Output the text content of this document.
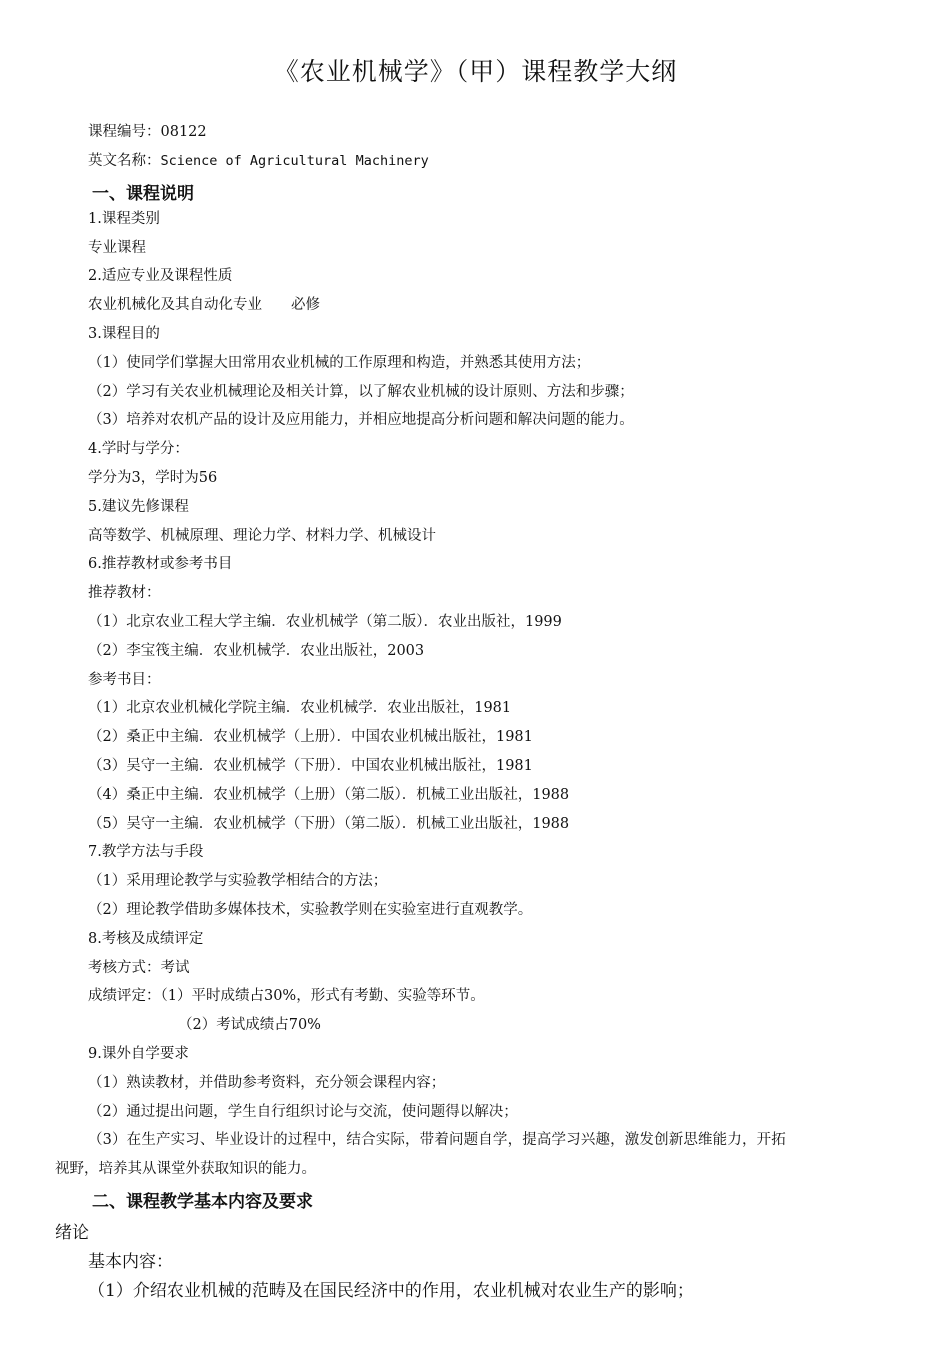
《农业机械学》（甲）课程教学大纲
课程编号：08122
英文名称：Science of Agricultural Machinery
一、课程说明
1.课程类别
专业课程
2.适应专业及课程性质
农业机械化及其自动化专业　　必修
3.课程目的
（1）使同学们掌握大田常用农业机械的工作原理和构造，并熟悉其使用方法；
（2）学习有关农业机械理论及相关计算，以了解农业机械的设计原则、方法和步骤；
（3）培养对农机产品的设计及应用能力，并相应地提高分析问题和解决问题的能力。
4.学时与学分：
学分为3，学时为56
5.建议先修课程
高等数学、机械原理、理论力学、材料力学、机械设计
6.推荐教材或参考书目
推荐教材：
（1）北京农业工程大学主编．农业机械学（第二版）．农业出版社，1999
（2）李宝筏主编．农业机械学．农业出版社，2003
参考书目：
（1）北京农业机械化学院主编．农业机械学．农业出版社，1981
（2）桑正中主编．农业机械学（上册）．中国农业机械出版社，1981
（3）吴守一主编．农业机械学（下册）．中国农业机械出版社，1981
（4）桑正中主编．农业机械学（上册）（第二版）．机械工业出版社，1988
（5）吴守一主编．农业机械学（下册）（第二版）．机械工业出版社，1988
7.教学方法与手段
（1）采用理论教学与实验教学相结合的方法；
（2）理论教学借助多媒体技术，实验教学则在实验室进行直观教学。
8.考核及成绩评定
考核方式：考试
成绩评定：（1）平时成绩占30%，形式有考勤、实验等环节。
（2）考试成绩占70%
9.课外自学要求
（1）熟读教材，并借助参考资料，充分领会课程内容；
（2）通过提出问题，学生自行组织讨论与交流，使问题得以解决；
（3）在生产实习、毕业设计的过程中，结合实际，带着问题自学，提高学习兴趣，激发创新思维能力，开拓
视野，培养其从课堂外获取知识的能力。
二、课程教学基本内容及要求
绪论
基本内容：
（1）介绍农业机械的范畴及在国民经济中的作用，农业机械对农业生产的影响；
